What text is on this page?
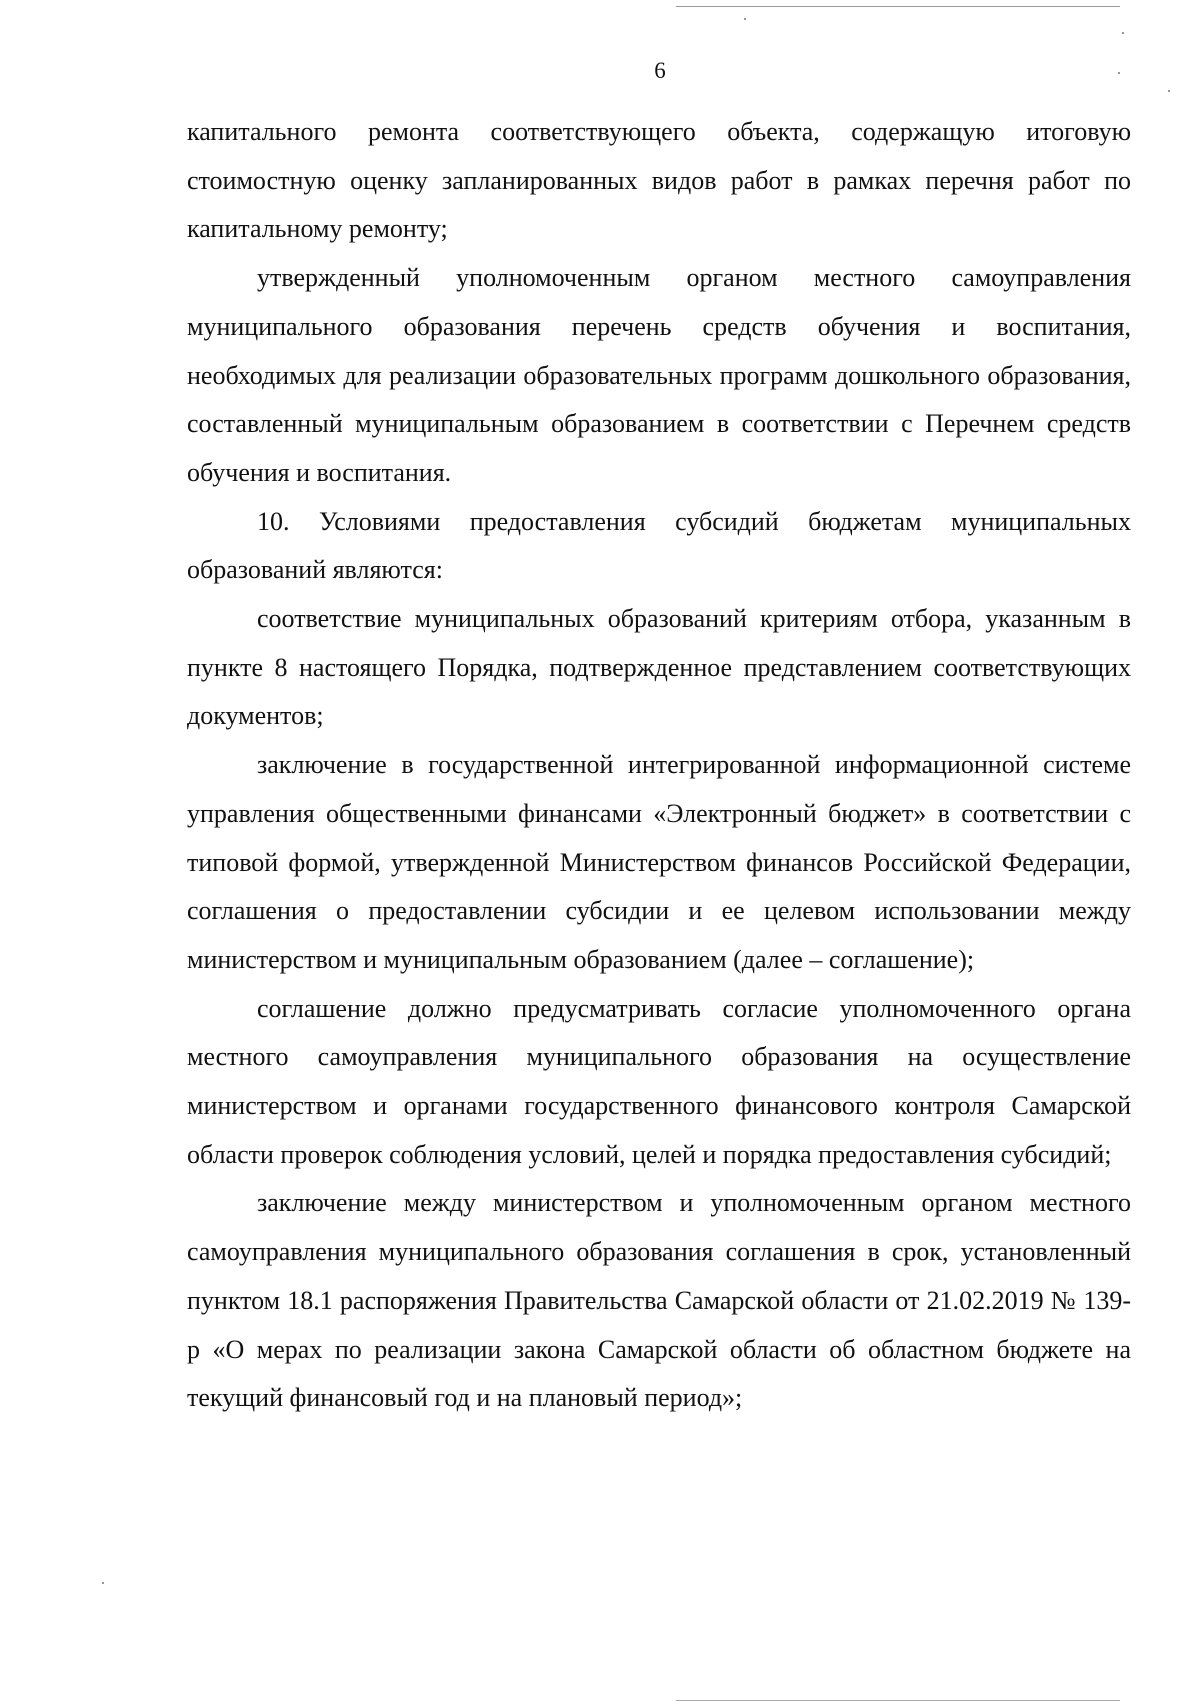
6

капитального ремонта соответствующего объекта, содержащую итоговую стоимостную оценку запланированных видов работ в рамках перечня работ по капитальному ремонту;

утвержденный уполномоченным органом местного самоуправления муниципального образования перечень средств обучения и воспитания, необходимых для реализации образовательных программ дошкольного образования, составленный муниципальным образованием в соответствии с Перечнем средств обучения и воспитания.

10. Условиями предоставления субсидий бюджетам муниципальных образований являются:

соответствие муниципальных образований критериям отбора, указанным в пункте 8 настоящего Порядка, подтвержденное представлением соответствующих документов;

заключение в государственной интегрированной информационной системе управления общественными финансами «Электронный бюджет» в соответствии с типовой формой, утвержденной Министерством финансов Российской Федерации, соглашения о предоставлении субсидии и ее целевом использовании между министерством и муниципальным образованием (далее – соглашение);

соглашение должно предусматривать согласие уполномоченного органа местного самоуправления муниципального образования на осуществление министерством и органами государственного финансового контроля Самарской области проверок соблюдения условий, целей и порядка предоставления субсидий;

заключение между министерством и уполномоченным органом местного самоуправления муниципального образования соглашения в срок, установленный пунктом 18.1 распоряжения Правительства Самарской области от 21.02.2019 № 139-р «О мерах по реализации закона Самарской области об областном бюджете на текущий финансовый год и на плановый период»;
